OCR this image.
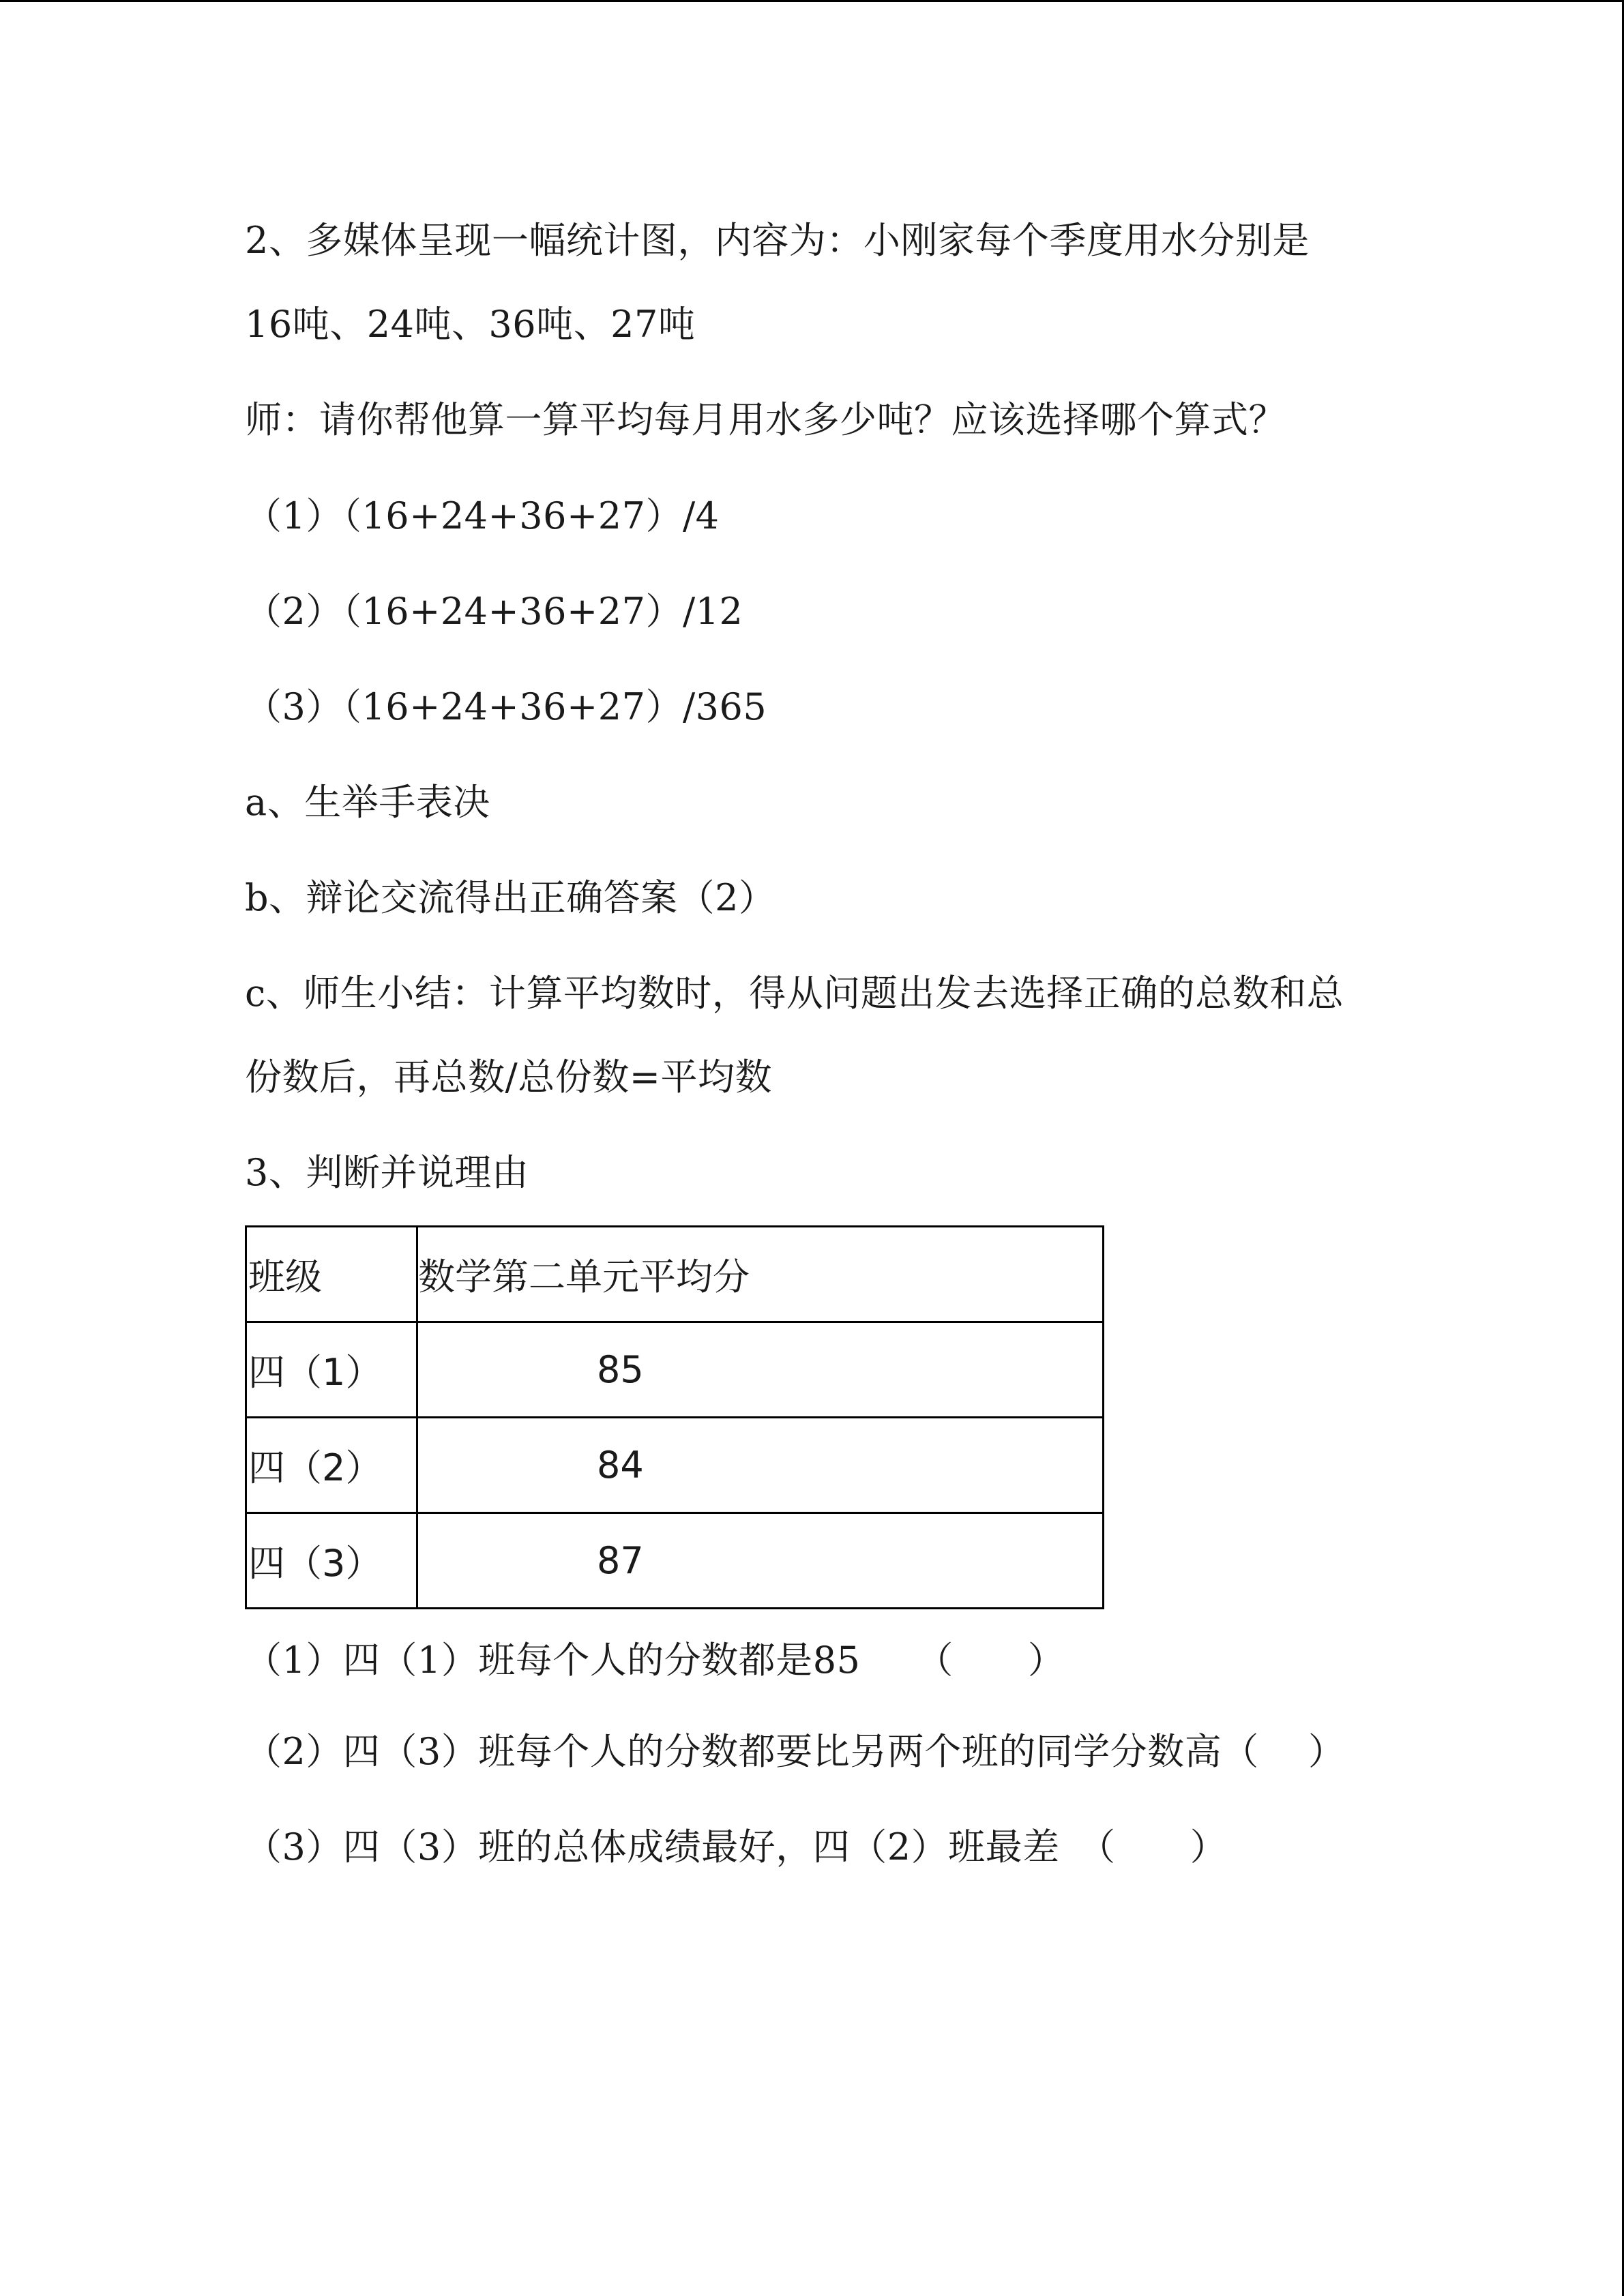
2、多媒体呈现一幅统计图，内容为：小刚家每个季度用水分别是
16吨、24吨、36吨、27吨
师：请你帮他算一算平均每月用水多少吨？应该选择哪个算式？
（1）（16+24+36+27）/4
（2）（16+24+36+27）/12
（3）（16+24+36+27）/365
a、生举手表决
b、辩论交流得出正确答案（2）
c、师生小结：计算平均数时，得从问题出发去选择正确的总数和总
份数后，再总数/总份数=平均数
3、判断并说理由
班级	数学第二单元平均分
四（1）	85
四（2）	84
四（3）	87
（1）四（1）班每个人的分数都是85　　（　　）
（2）四（3）班每个人的分数都要比另两个班的同学分数高（　 ）
（3）四（3）班的总体成绩最好，四（2）班最差　（　　）
